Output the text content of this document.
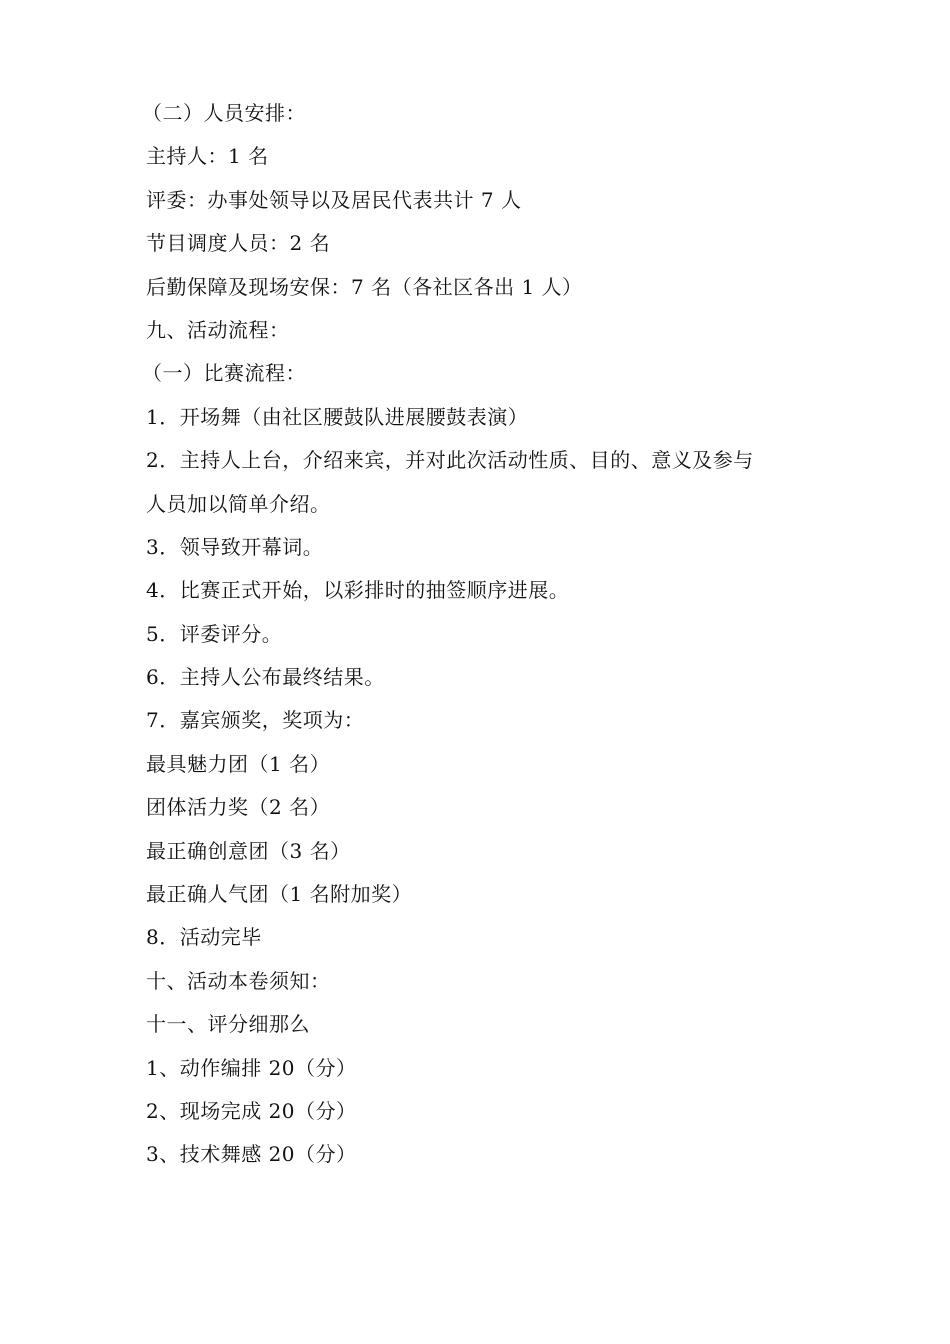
（二）人员安排：
主持人：1 名
评委：办事处领导以及居民代表共计 7 人
节目调度人员：2 名
后勤保障及现场安保：7 名（各社区各出 1 人）
九、活动流程：
（一）比赛流程：
1．开场舞（由社区腰鼓队进展腰鼓表演）
2．主持人上台，介绍来宾，并对此次活动性质、目的、意义及参与
人员加以简单介绍。
3．领导致开幕词。
4．比赛正式开始，以彩排时的抽签顺序进展。
5．评委评分。
6．主持人公布最终结果。
7．嘉宾颁奖，奖项为：
最具魅力团（1 名）
团体活力奖（2 名）
最正确创意团（3 名）
最正确人气团（1 名附加奖）
8．活动完毕
十、活动本卷须知：
十一、评分细那么
1、动作编排 20（分）
2、现场完成 20（分）
3、技术舞感 20（分）
